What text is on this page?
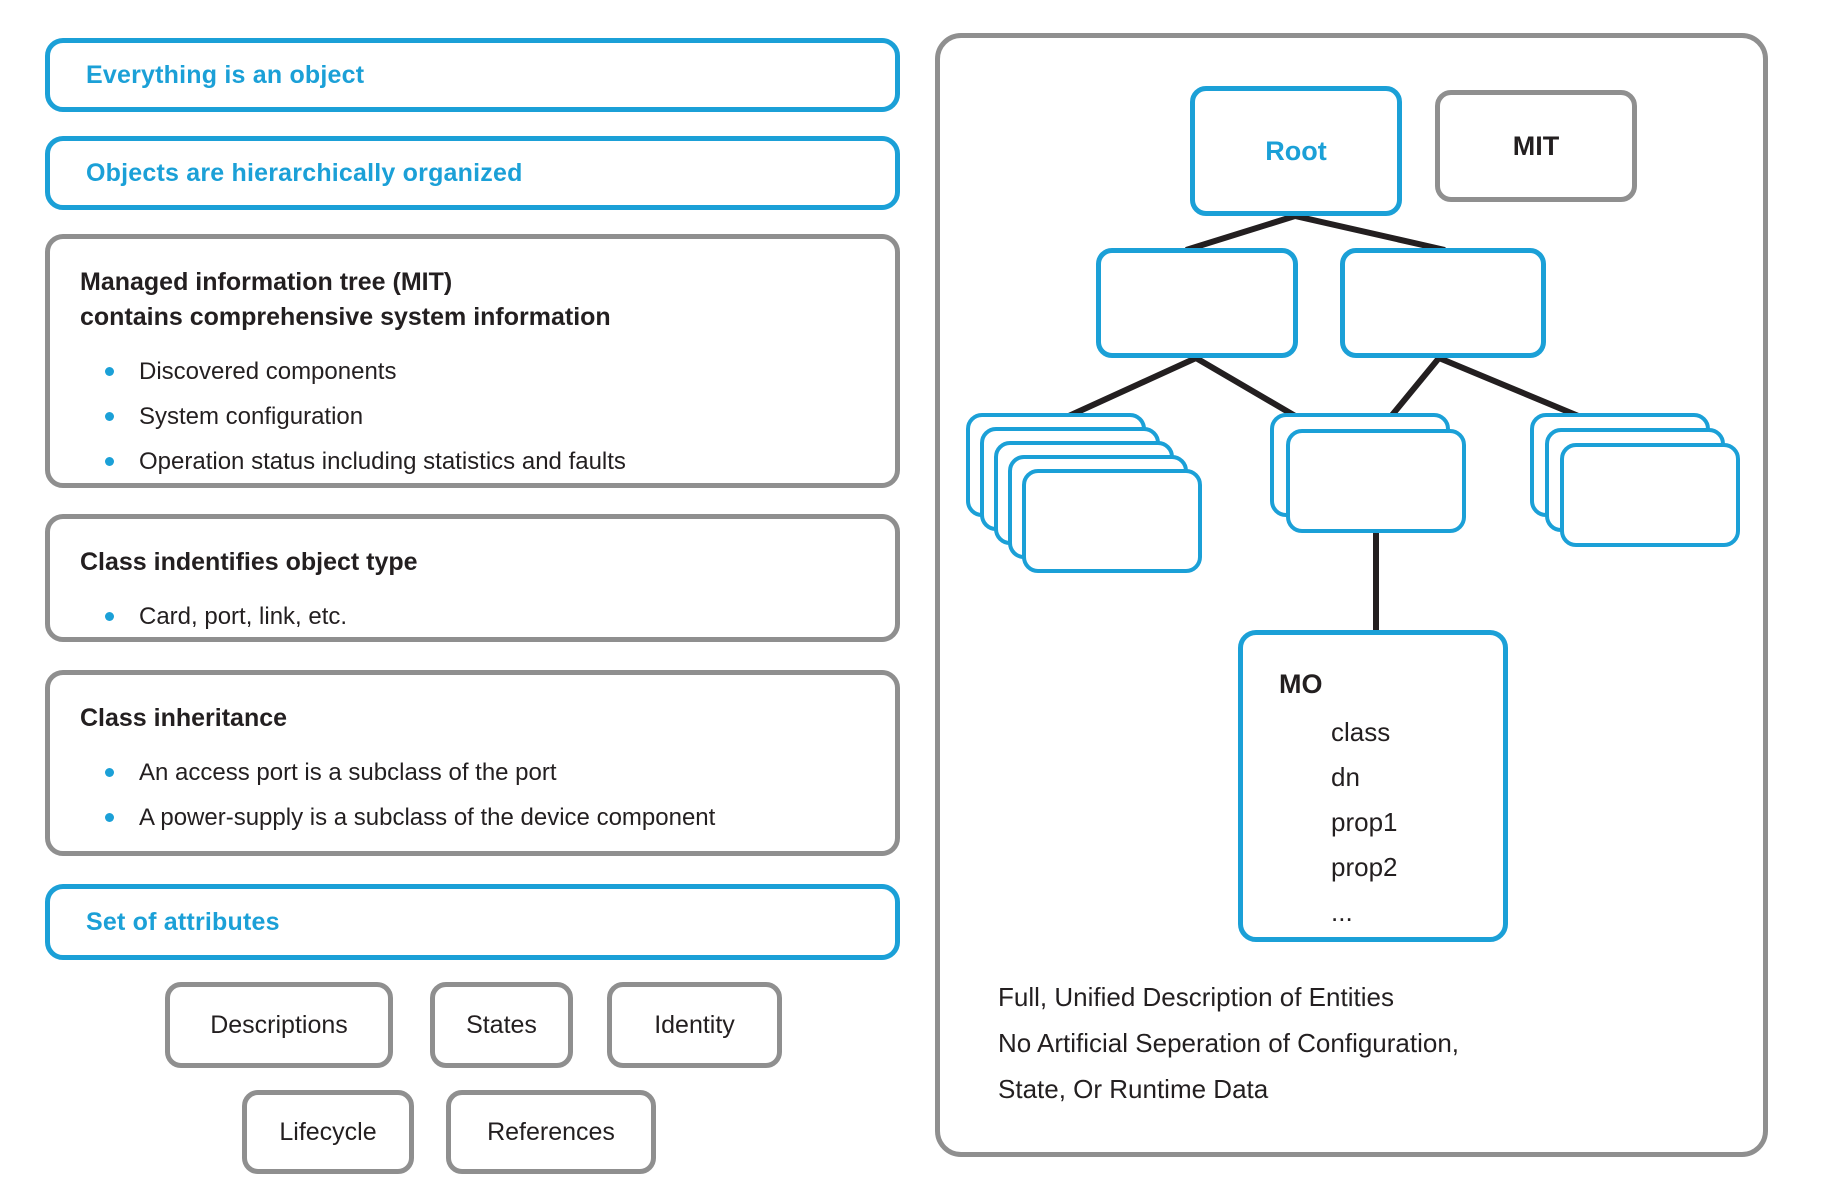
Everything is an object
Objects are hierarchically organized
Managed information tree (MIT)
contains comprehensive system information
Discovered components
System configuration
Operation status including statistics and faults
Class indentifies object type
Card, port, link, etc.
Class inheritance
An access port is a subclass of the port
A power-supply is a subclass of the device component
Set of attributes
Descriptions	States	Identity
Lifecycle	References
Root	MIT
MO
class
dn
prop1
prop2
...
Full, Unified Description of Entities
No Artificial Seperation of Configuration,
State, Or Runtime Data
